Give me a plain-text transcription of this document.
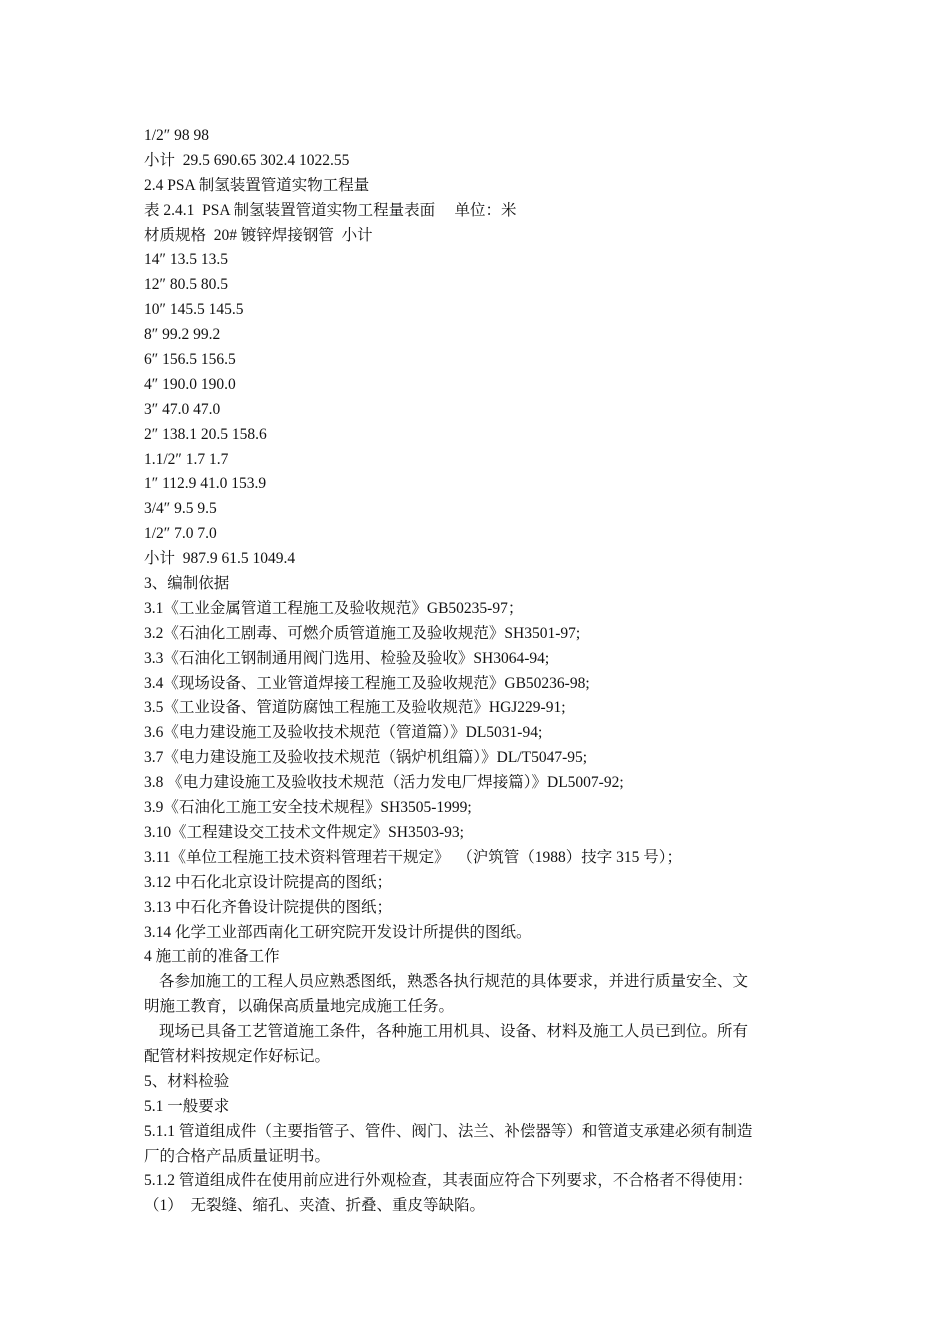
1/2″ 98 98
小计  29.5 690.65 302.4 1022.55
2.4 PSA 制氢装置管道实物工程量
表 2.4.1  PSA 制氢装置管道实物工程量表面     单位：米
材质规格  20# 镀锌焊接钢管  小计
14″ 13.5 13.5
12″ 80.5 80.5
10″ 145.5 145.5
8″ 99.2 99.2
6″ 156.5 156.5
4″ 190.0 190.0
3″ 47.0 47.0
2″ 138.1 20.5 158.6
1.1/2″ 1.7 1.7
1″ 112.9 41.0 153.9
3/4″ 9.5 9.5
1/2″ 7.0 7.0
小计  987.9 61.5 1049.4
3、编制依据
3.1《工业金属管道工程施工及验收规范》GB50235-97；
3.2《石油化工剧毒、可燃介质管道施工及验收规范》SH3501-97;
3.3《石油化工钢制通用阀门选用、检验及验收》SH3064-94;
3.4《现场设备、工业管道焊接工程施工及验收规范》GB50236-98;
3.5《工业设备、管道防腐蚀工程施工及验收规范》HGJ229-91;
3.6《电力建设施工及验收技术规范（管道篇）》DL5031-94;
3.7《电力建设施工及验收技术规范（锅炉机组篇）》DL/T5047-95;
3.8 《电力建设施工及验收技术规范（活力发电厂焊接篇）》DL5007-92;
3.9《石油化工施工安全技术规程》SH3505-1999;
3.10《工程建设交工技术文件规定》SH3503-93;
3.11《单位工程施工技术资料管理若干规定》  （沪筑管（1988）技字 315 号）；
3.12 中石化北京设计院提高的图纸；
3.13 中石化齐鲁设计院提供的图纸；
3.14 化学工业部西南化工研究院开发设计所提供的图纸。
4 施工前的准备工作
各参加施工的工程人员应熟悉图纸，熟悉各执行规范的具体要求，并进行质量安全、文
明施工教育，以确保高质量地完成施工任务。
现场已具备工艺管道施工条件，各种施工用机具、设备、材料及施工人员已到位。所有
配管材料按规定作好标记。
5、材料检验
5.1 一般要求
5.1.1 管道组成件（主要指管子、管件、阀门、法兰、补偿器等）和管道支承建必须有制造
厂的合格产品质量证明书。
5.1.2 管道组成件在使用前应进行外观检查，其表面应符合下列要求，不合格者不得使用：
（1）  无裂缝、缩孔、夹渣、折叠、重皮等缺陷。
